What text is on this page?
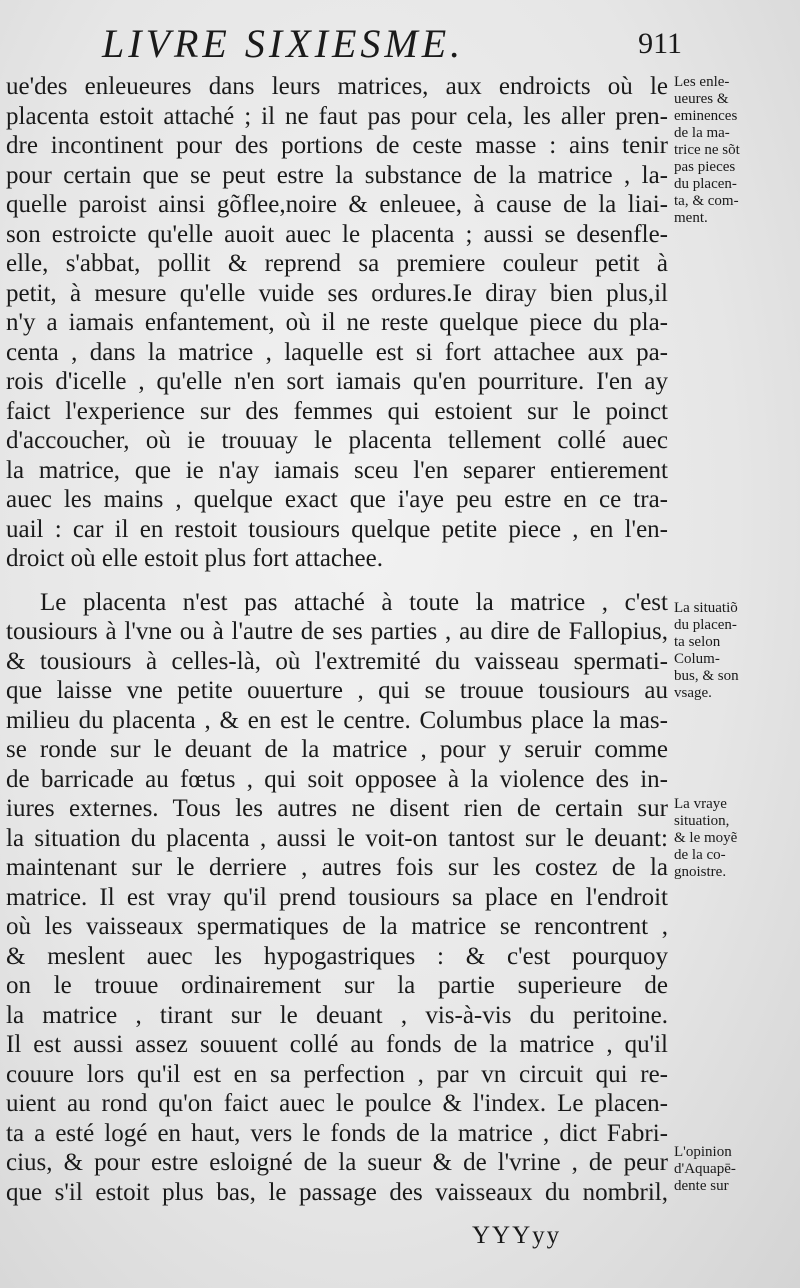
LIVRE SIXIESME.	911
ue'des enleueures dans leurs matrices, aux endroicts où le
placenta estoit attaché ; il ne faut pas pour cela, les aller pren-
dre incontinent pour des portions de ceste masse : ains tenir
pour certain que se peut estre la substance de la matrice , la-
quelle paroist ainsi gõflee,noire & enleuee, à cause de la liai-
son estroicte qu'elle auoit auec le placenta ; aussi se desenfle-
elle, s'abbat, pollit & reprend sa premiere couleur petit à
petit, à mesure qu'elle vuide ses ordures.Ie diray bien plus,il
n'y a iamais enfantement, où il ne reste quelque piece du pla-
centa , dans la matrice , laquelle est si fort attachee aux pa-
rois d'icelle , qu'elle n'en sort iamais qu'en pourriture. I'en ay
faict l'experience sur des femmes qui estoient sur le poinct
d'accoucher, où ie trouuay le placenta tellement collé auec
la matrice, que ie n'ay iamais sceu l'en separer entierement
auec les mains , quelque exact que i'aye peu estre en ce tra-
uail : car il en restoit tousiours quelque petite piece , en l'en-
droict où elle estoit plus fort attachee.
Le placenta n'est pas attaché à toute la matrice , c'est
tousiours à l'vne ou à l'autre de ses parties , au dire de Fallopius,
& tousiours à celles-là, où l'extremité du vaisseau spermati-
que laisse vne petite ouuerture , qui se trouue tousiours au
milieu du placenta , & en est le centre. Columbus place la mas-
se ronde sur le deuant de la matrice , pour y seruir comme
de barricade au fœtus , qui soit opposee à la violence des in-
iures externes. Tous les autres ne disent rien de certain sur
la situation du placenta , aussi le voit-on tantost sur le deuant:
maintenant sur le derriere , autres fois sur les costez de la
matrice. Il est vray qu'il prend tousiours sa place en l'endroit
où les vaisseaux spermatiques de la matrice se rencontrent ,
& meslent auec les hypogastriques : & c'est pourquoy
on le trouue ordinairement sur la partie superieure de
la matrice , tirant sur le deuant , vis-à-vis du peritoine.
Il est aussi assez souuent collé au fonds de la matrice , qu'il
couure lors qu'il est en sa perfection , par vn circuit qui re-
uient au rond qu'on faict auec le poulce & l'index. Le placen-
ta a esté logé en haut, vers le fonds de la matrice , dict Fabri-
cius, & pour estre esloigné de la sueur & de l'vrine , de peur
que s'il estoit plus bas, le passage des vaisseaux du nombril,
Les enle-
ueures &
eminences
de la ma-
trice ne sõt
pas pieces
du placen-
ta, & com-
ment.
La situatiõ
du placen-
ta selon
Colum-
bus, & son
vsage.
La vraye
situation,
& le moyẽ
de la co-
gnoistre.
L'opinion
d'Aquapē-
dente sur
YYYyy
